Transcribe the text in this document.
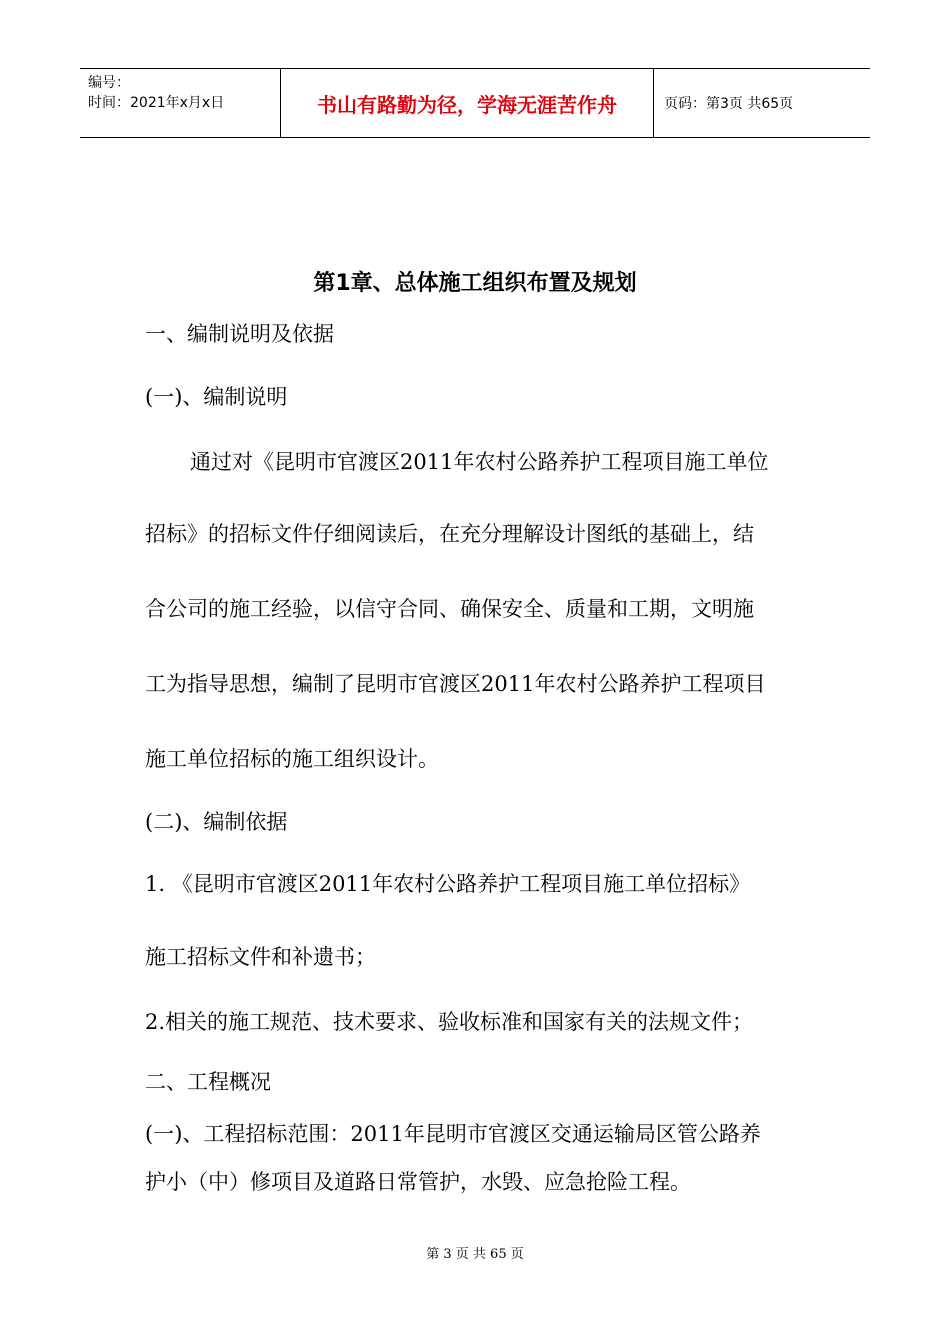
编号：
时间：2021年x月x日	书山有路勤为径，学海无涯苦作舟	页码：第3页 共65页
第1章、总体施工组织布置及规划
一、编制说明及依据
(一)、编制说明
通过对《昆明市官渡区2011年农村公路养护工程项目施工单位
招标》的招标文件仔细阅读后，在充分理解设计图纸的基础上，结
合公司的施工经验，以信守合同、确保安全、质量和工期，文明施
工为指导思想，编制了昆明市官渡区2011年农村公路养护工程项目
施工单位招标的施工组织设计。
(二)、编制依据
1. 《昆明市官渡区2011年农村公路养护工程项目施工单位招标》
施工招标文件和补遗书；
2.相关的施工规范、技术要求、验收标准和国家有关的法规文件；
二、工程概况
(一)、工程招标范围：2011年昆明市官渡区交通运输局区管公路养
护小（中）修项目及道路日常管护，水毁、应急抢险工程。
第 3 页 共 65 页
